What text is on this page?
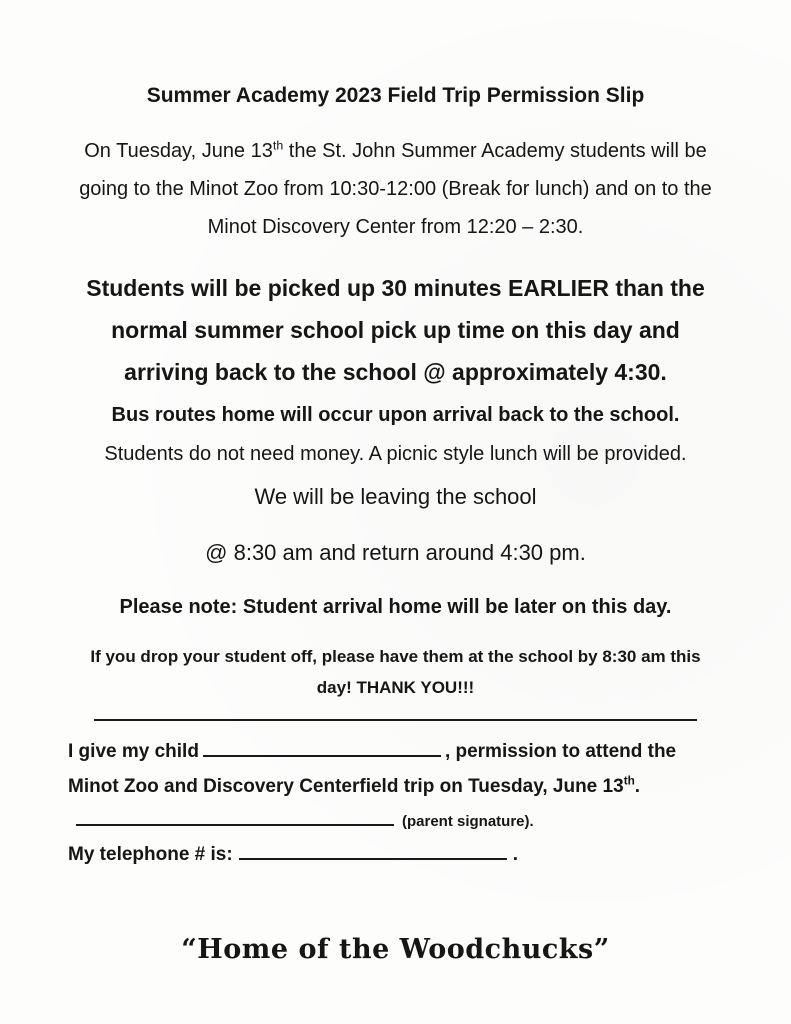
Summer Academy 2023 Field Trip Permission Slip

On Tuesday, June 13th the St. John Summer Academy students will be going to the Minot Zoo from 10:30-12:00 (Break for lunch) and on to the Minot Discovery Center from 12:20 – 2:30.

Students will be picked up 30 minutes EARLIER than the normal summer school pick up time on this day and arriving back to the school @ approximately 4:30.

Bus routes home will occur upon arrival back to the school.

Students do not need money. A picnic style lunch will be provided.

We will be leaving the school

@ 8:30 am and return around 4:30 pm.

Please note: Student arrival home will be later on this day.

If you drop your student off, please have them at the school by 8:30 am this day! THANK YOU!!!

I give my child	, permission to attend the Minot Zoo and Discovery Centerfield trip on Tuesday, June 13th.(parent signature).

My telephone # is:	.

“Home of the Woodchucks”
